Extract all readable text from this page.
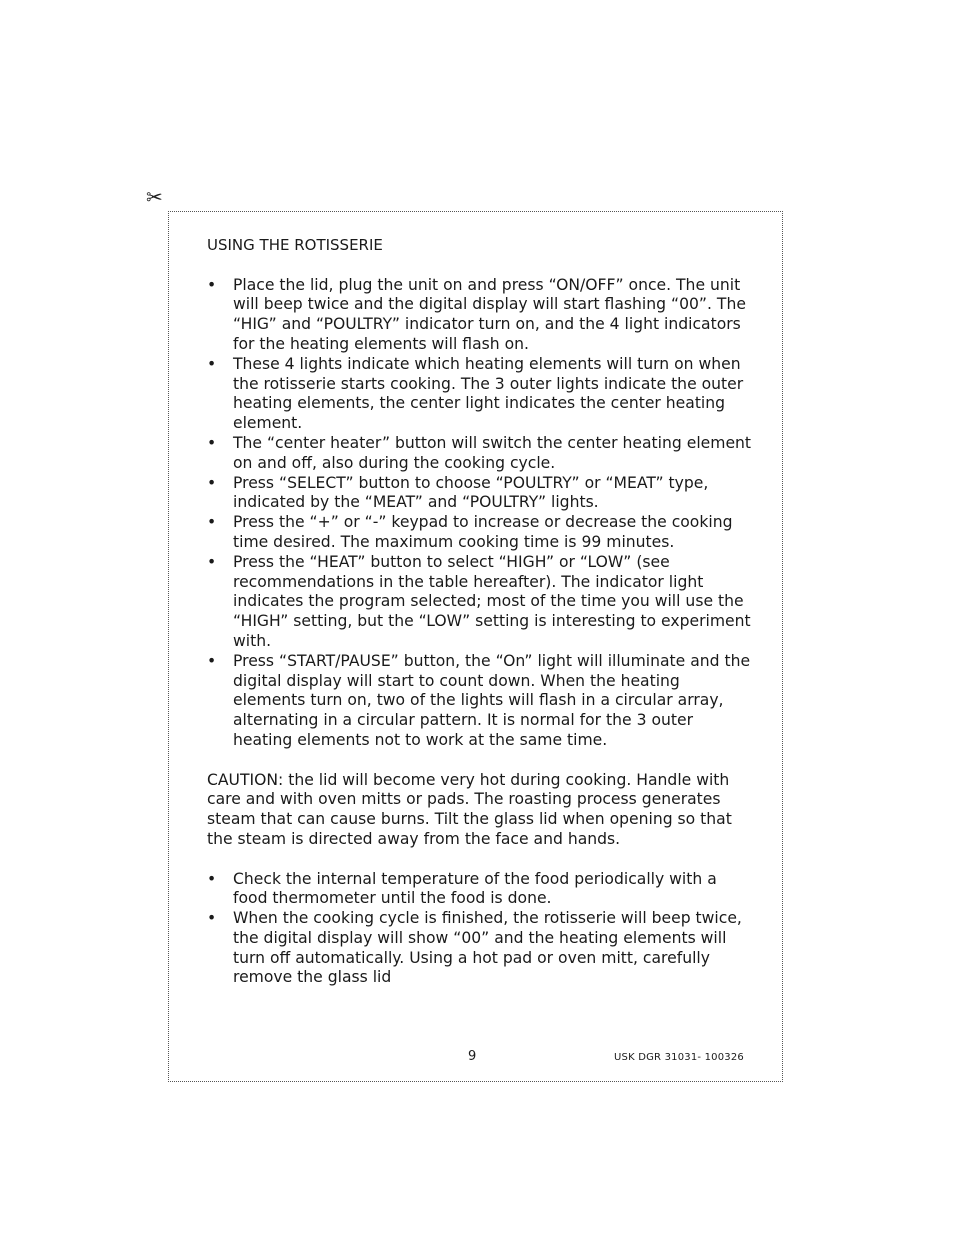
✂
USING THE ROTISSERIE
•	Place the lid, plug the unit on and press “ON/OFF” once. The unit will beep twice and the digital display will start flashing “00”. The “HIG” and “POULTRY” indicator turn on, and the 4 light indicators for the heating elements will flash on.
•	These 4 lights indicate which heating elements will turn on when the rotisserie starts cooking. The 3 outer lights indicate the outer heating elements, the center light indicates the center heating element.
•	The “center heater” button will switch the center heating element on and off, also during the cooking cycle.
•	Press “SELECT” button to choose “POULTRY” or “MEAT” type, indicated by the “MEAT” and “POULTRY” lights.
•	Press the “+” or “-” keypad to increase or decrease the cooking time desired. The maximum cooking time is 99 minutes.
•	Press the “HEAT” button to select “HIGH” or “LOW” (see recommendations in the table hereafter). The indicator light indicates the program selected; most of the time you will use the “HIGH” setting, but the “LOW” setting is interesting to experiment with.
•	Press “START/PAUSE” button, the “On” light will illuminate and the digital display will start to count down. When the heating elements turn on, two of the lights will flash in a circular array, alternating in a circular pattern. It is normal for the 3 outer heating elements not to work at the same time.
CAUTION: the lid will become very hot during cooking. Handle with care and with oven mitts or pads. The roasting process generates steam that can cause burns. Tilt the glass lid when opening so that the steam is directed away from the face and hands.
•	Check the internal temperature of the food periodically with a food thermometer until the food is done.
•	When the cooking cycle is finished, the rotisserie will beep twice, the digital display will show “00” and the heating elements will turn off automatically. Using a hot pad or oven mitt, carefully remove the glass lid
9	USK DGR 31031- 100326
